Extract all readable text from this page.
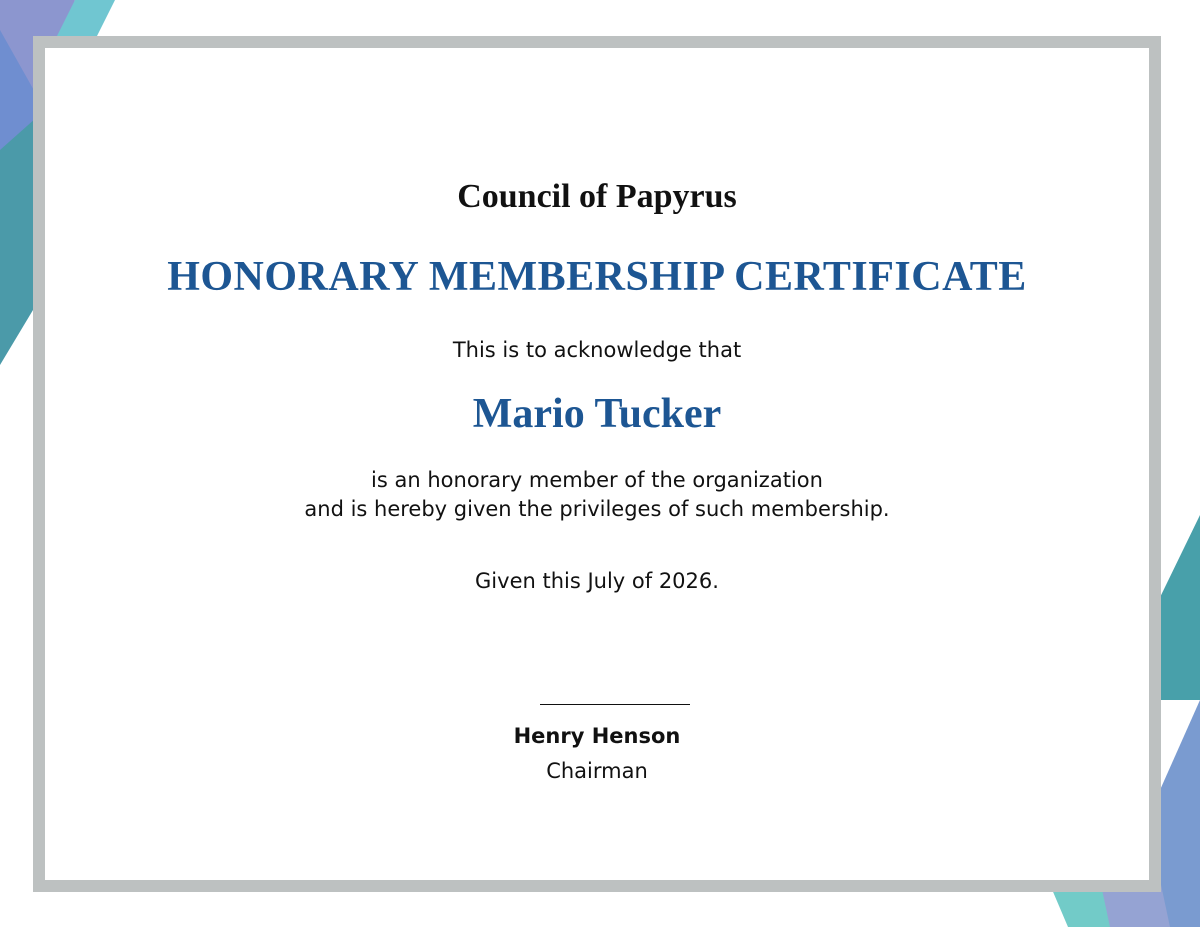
Council of Papyrus
HONORARY MEMBERSHIP CERTIFICATE
This is to acknowledge that
Mario Tucker
is an honorary member of the organization
and is hereby given the privileges of such membership.
Given this July of 2026.
Henry Henson
Chairman
